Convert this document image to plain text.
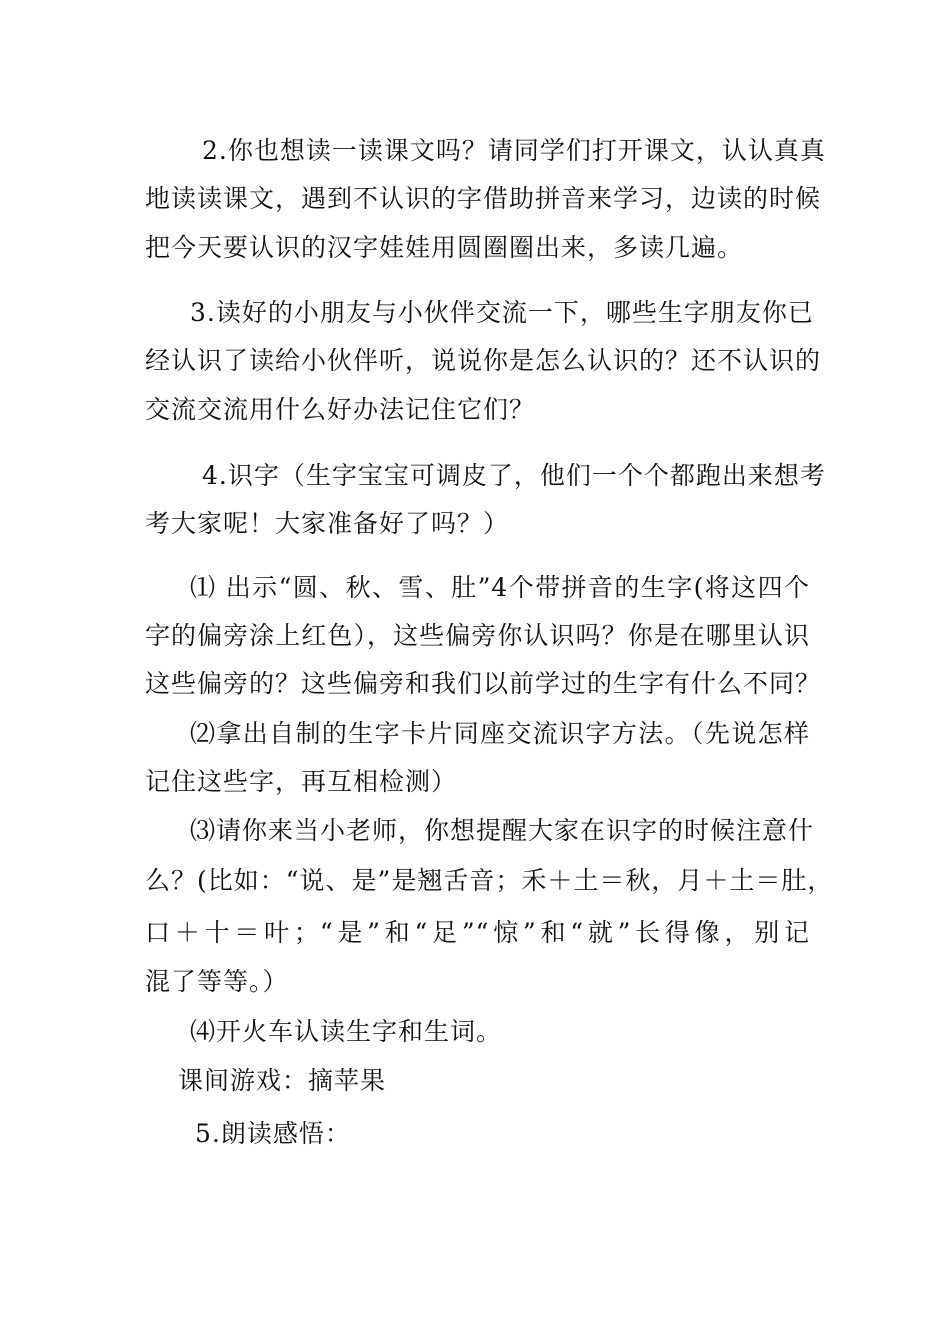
2.你也想读一读课文吗？请同学们打开课文，认认真真
地读读课文，遇到不认识的字借助拼音来学习，边读的时候
把今天要认识的汉字娃娃用圆圈圈出来，多读几遍。
3.读好的小朋友与小伙伴交流一下，哪些生字朋友你已
经认识了读给小伙伴听，说说你是怎么认识的？还不认识的
交流交流用什么好办法记住它们？
4.识字（生字宝宝可调皮了，他们一个个都跑出来想考
考大家呢！大家准备好了吗？）
⑴ 出示“圆、秋、雪、肚”4个带拼音的生字(将这四个
字的偏旁涂上红色），这些偏旁你认识吗？你是在哪里认识
这些偏旁的？这些偏旁和我们以前学过的生字有什么不同？
⑵拿出自制的生字卡片同座交流识字方法。（先说怎样
记住这些字，再互相检测）
⑶请你来当小老师，你想提醒大家在识字的时候注意什
么？(比如：“说、是”是翘舌音；禾＋土＝秋，月＋土＝肚，
口＋十＝叶；“是”和“足”“惊”和“就”长得像，别记
混了等等。）
⑷开火车认读生字和生词。
课间游戏：摘苹果
5.朗读感悟：
